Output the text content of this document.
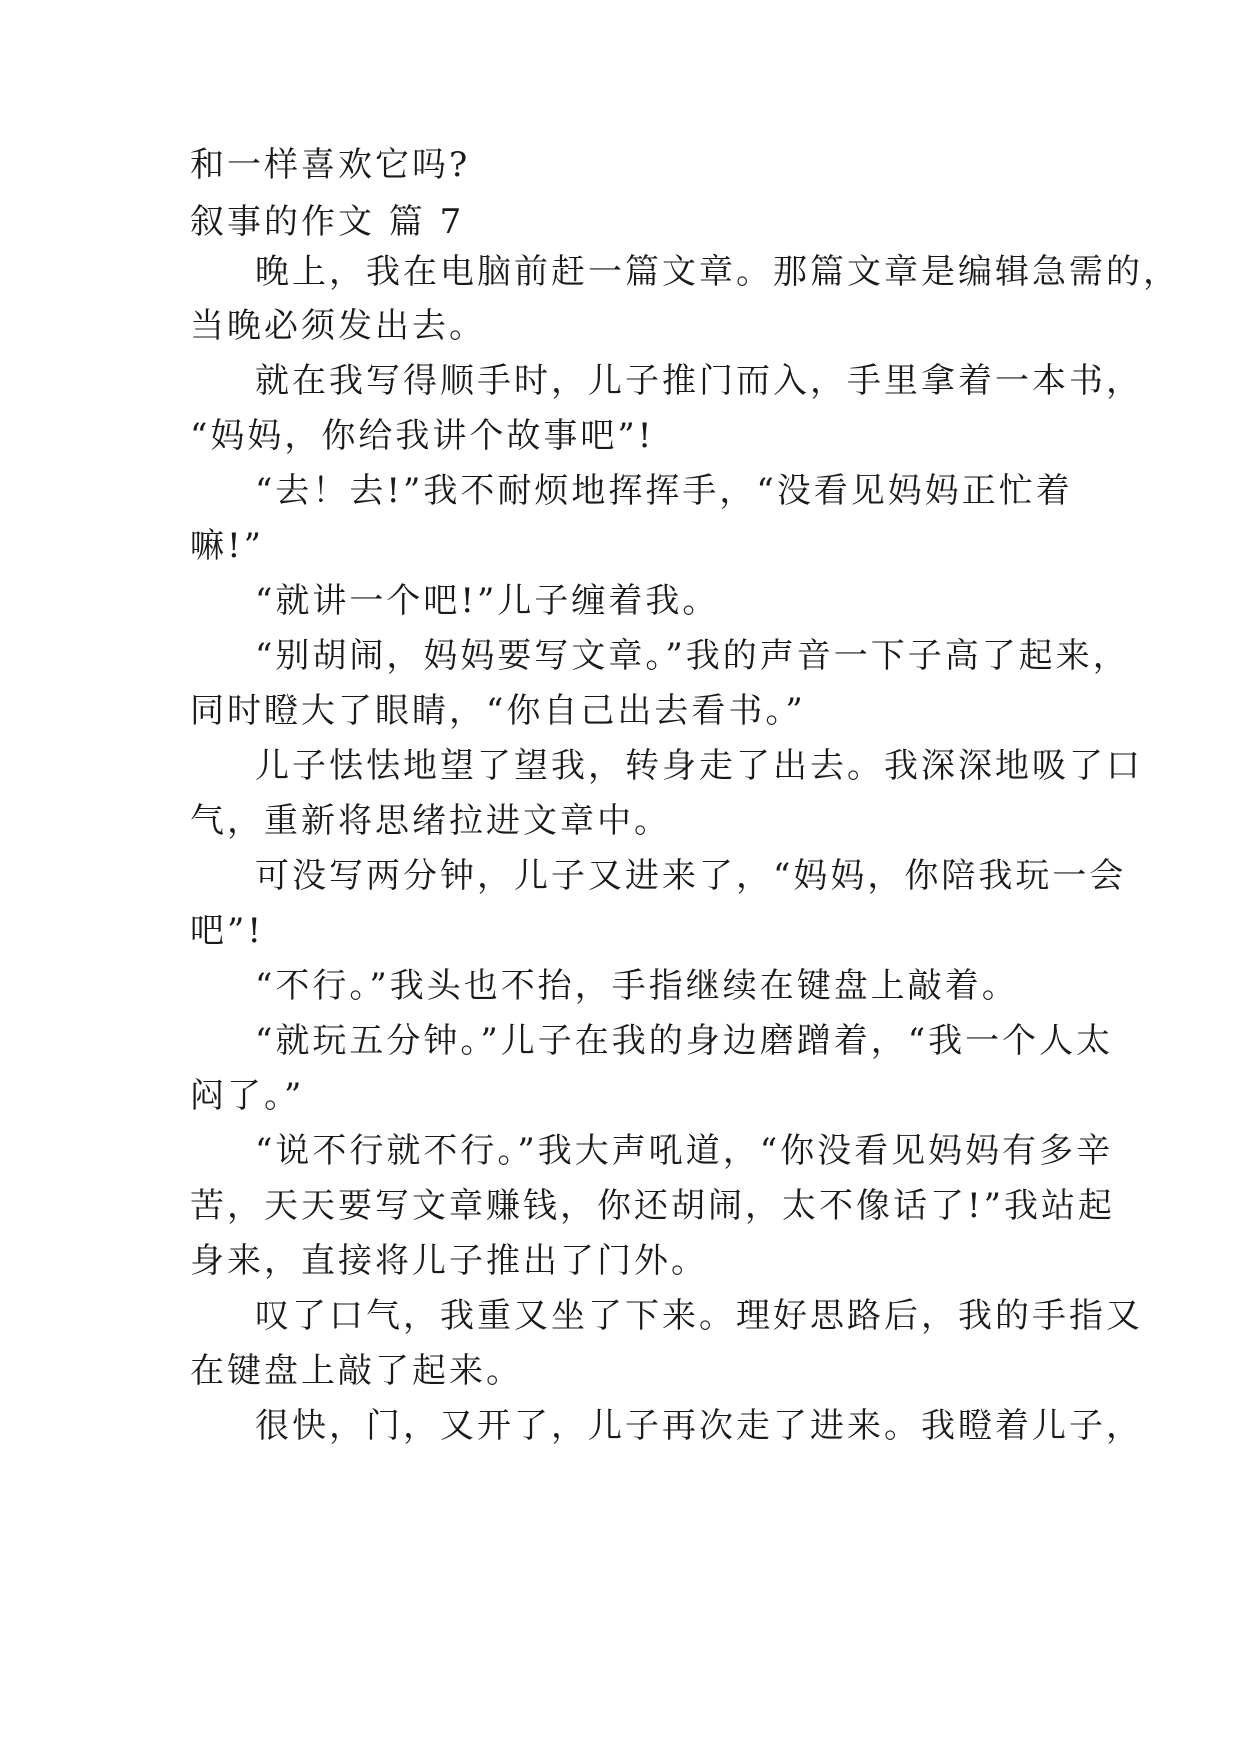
和一样喜欢它吗?
叙事的作文 篇 7
晚上，我在电脑前赶一篇文章。那篇文章是编辑急需的，
当晚必须发出去。
就在我写得顺手时，儿子推门而入，手里拿着一本书，
“妈妈，你给我讲个故事吧”!
“去！去!”我不耐烦地挥挥手，“没看见妈妈正忙着
嘛!”
“就讲一个吧!”儿子缠着我。
“别胡闹，妈妈要写文章。”我的声音一下子高了起来，
同时瞪大了眼睛，“你自己出去看书。”
儿子怯怯地望了望我，转身走了出去。我深深地吸了口
气，重新将思绪拉进文章中。
可没写两分钟，儿子又进来了，“妈妈，你陪我玩一会
吧”!
“不行。”我头也不抬，手指继续在键盘上敲着。
“就玩五分钟。”儿子在我的身边磨蹭着，“我一个人太
闷了。”
“说不行就不行。”我大声吼道，“你没看见妈妈有多辛
苦，天天要写文章赚钱，你还胡闹，太不像话了!”我站起
身来，直接将儿子推出了门外。
叹了口气，我重又坐了下来。理好思路后，我的手指又
在键盘上敲了起来。
很快，门，又开了，儿子再次走了进来。我瞪着儿子，
